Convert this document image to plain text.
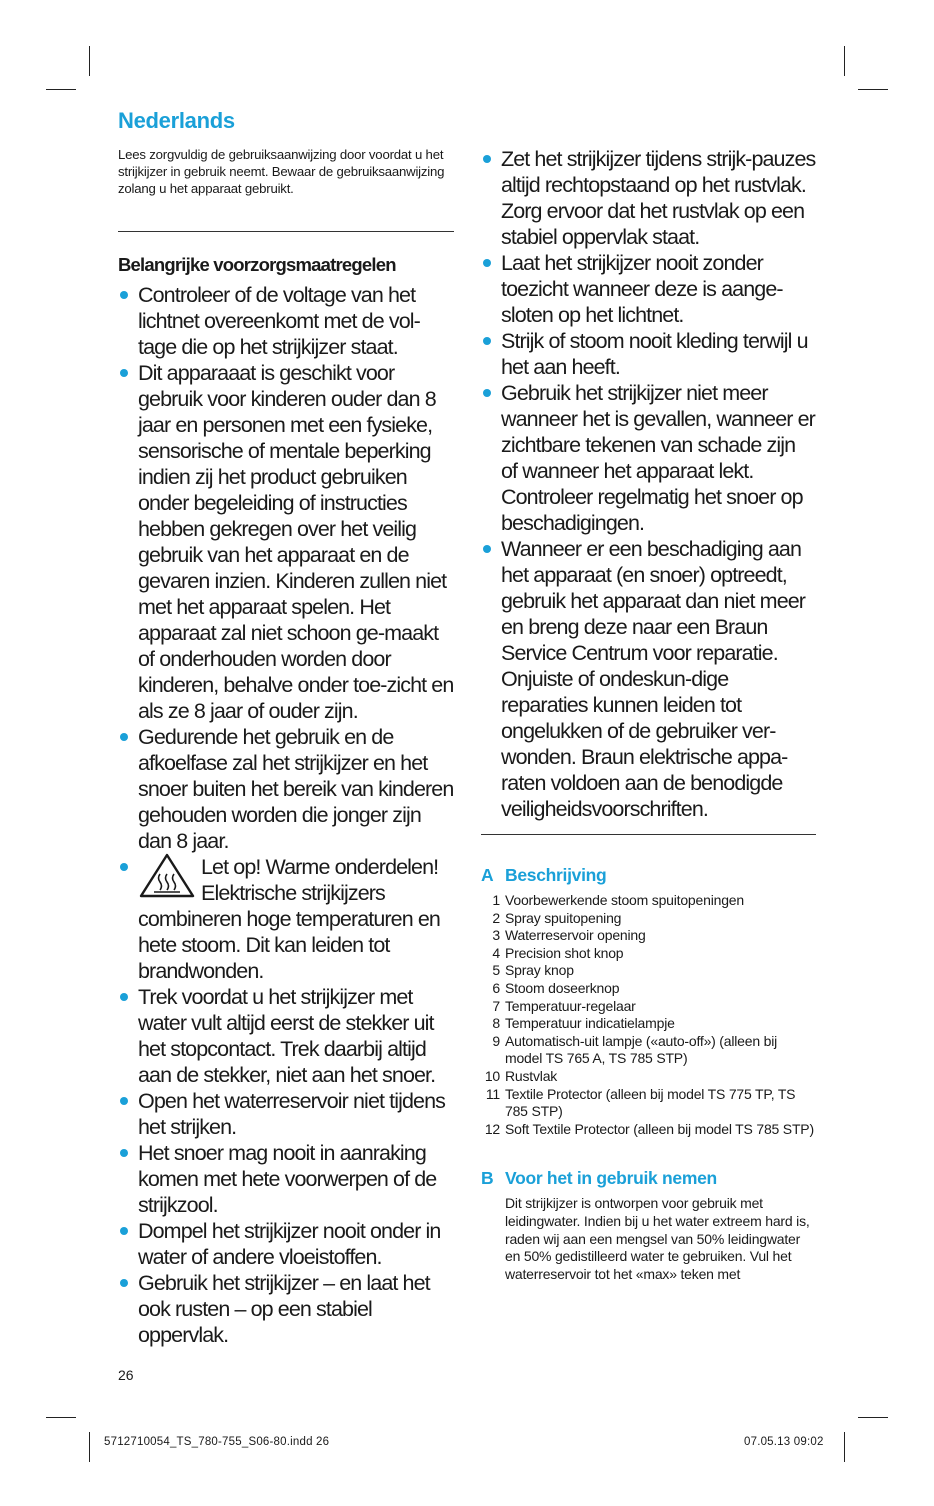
Nederlands

Lees zorgvuldig de gebruiksaanwijzing door voordat u het strijkijzer in gebruik neemt. Bewaar de gebruiksaanwijzing zolang u het apparaat gebruikt.

Belangrijke voorzorgsmaatregelen
Controleer of de voltage van het lichtnet overeenkomt met de vol-tage die op het strijkijzer staat.
Dit apparaaat is geschikt voor gebruik voor kinderen ouder dan 8 jaar en personen met een fysieke, sensorische of mentale beperking indien zij het product gebruiken onder begeleiding of instructies hebben gekregen over het veilig gebruik van het apparaat en de gevaren inzien. Kinderen zullen niet met het apparaat spelen. Het apparaat zal niet schoon ge-maakt of onderhouden worden door kinderen, behalve onder toe-zicht en als ze 8 jaar of ouder zijn.
Gedurende het gebruik en de afkoelfase zal het strijkijzer en het snoer buiten het bereik van kinderen gehouden worden die jonger zijn dan 8 jaar.
Let op! Warme onderdelen!
Elektrische strijkijzers
combineren hoge temperaturen en hete stoom. Dit kan leiden tot brandwonden.
Trek voordat u het strijkijzer met water vult altijd eerst de stekker uit het stopcontact. Trek daarbij altijd aan de stekker, niet aan het snoer.
Open het waterreservoir niet tijdens het strijken.
Het snoer mag nooit in aanraking komen met hete voorwerpen of de strijkzool.
Dompel het strijkijzer nooit onder in water of andere vloeistoffen.
Gebruik het strijkijzer – en laat het ook rusten – op een stabiel oppervlak.
Zet het strijkijzer tijdens strijk-pauzes altijd rechtopstaand op het rustvlak. Zorg ervoor dat het rustvlak op een stabiel oppervlak staat.
Laat het strijkijzer nooit zonder toezicht wanneer deze is aange-sloten op het lichtnet.
Strijk of stoom nooit kleding terwijl u het aan heeft.
Gebruik het strijkijzer niet meer wanneer het is gevallen, wanneer er zichtbare tekenen van schade zijn of wanneer het apparaat lekt. Controleer regelmatig het snoer op beschadigingen.
Wanneer er een beschadiging aan het apparaat (en snoer) optreedt, gebruik het apparaat dan niet meer en breng deze naar een Braun Service Centrum voor reparatie. Onjuiste of ondeskun-dige reparaties kunnen leiden tot ongelukken of de gebruiker ver-wonden. Braun elektrische appa-raten voldoen aan de benodigde veiligheidsvoorschriften.
A Beschrijving
1 Voorbewerkende stoom spuitopeningen
2 Spray spuitopening
3 Waterreservoir opening
4 Precision shot knop
5 Spray knop
6 Stoom doseerknop
7 Temperatuur-regelaar
8 Temperatuur indicatielampje
9 Automatisch-uit lampje («auto-off») (alleen bij model TS 765 A, TS 785 STP)
10 Rustvlak
11 Textile Protector (alleen bij model TS 775 TP, TS 785 STP)
12 Soft Textile Protector (alleen bij model TS 785 STP)
B Voor het in gebruik nemen

Dit strijkijzer is ontworpen voor gebruik met leidingwater. Indien bij u het water extreem hard is, raden wij aan een mengsel van 50% leidingwater en 50% gedistilleerd water te gebruiken. Vul het waterreservoir tot het «max» teken met

26
5712710054_TS_780-755_S06-80.indd 26	07.05.13 09:02
